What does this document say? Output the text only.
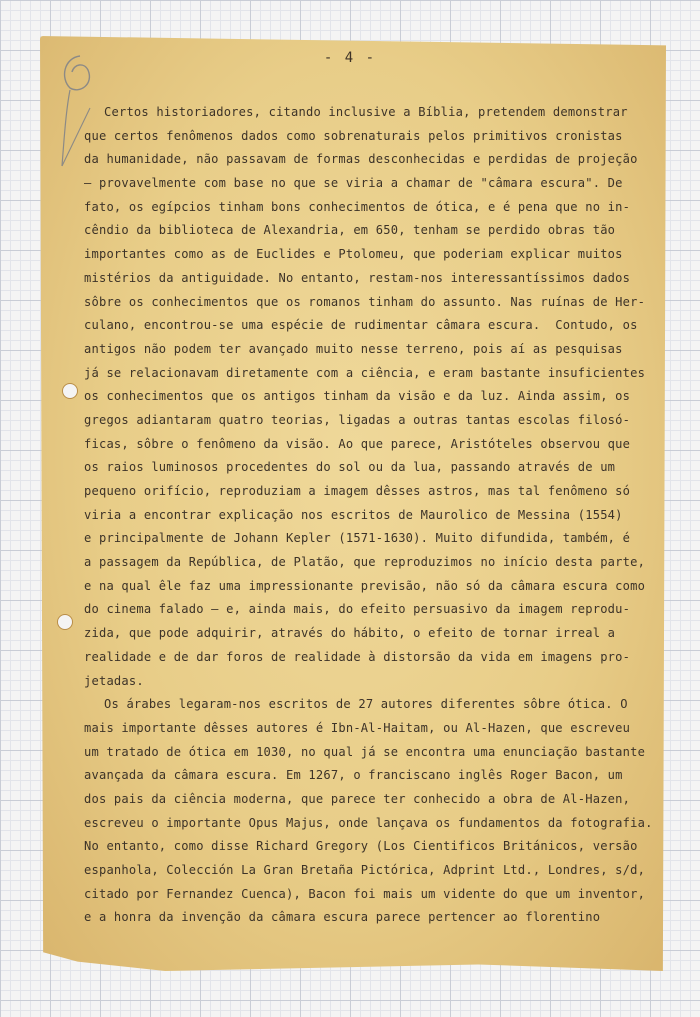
- 4 -
Certos historiadores, citando inclusive a Bíblia, pretendem demonstrar
que certos fenômenos dados como sobrenaturais pelos primitivos cronistas
da humanidade, não passavam de formas desconhecidas e perdidas de projeção
— provavelmente com base no que se viria a chamar de "câmara escura". De
fato, os egípcios tinham bons conhecimentos de ótica, e é pena que no in-
cêndio da biblioteca de Alexandria, em 650, tenham se perdido obras tão
importantes como as de Euclides e Ptolomeu, que poderiam explicar muitos
mistérios da antiguidade. No entanto, restam-nos interessantíssimos dados
sôbre os conhecimentos que os romanos tinham do assunto. Nas ruínas de Her-
culano, encontrou-se uma espécie de rudimentar câmara escura.  Contudo, os
antigos não podem ter avançado muito nesse terreno, pois aí as pesquisas
já se relacionavam diretamente com a ciência, e eram bastante insuficientes
os conhecimentos que os antigos tinham da visão e da luz. Ainda assim, os
gregos adiantaram quatro teorias, ligadas a outras tantas escolas filosó-
ficas, sôbre o fenômeno da visão. Ao que parece, Aristóteles observou que
os raios luminosos procedentes do sol ou da lua, passando através de um
pequeno orifício, reproduziam a imagem dêsses astros, mas tal fenômeno só
viria a encontrar explicação nos escritos de Maurolico de Messina (1554)
e principalmente de Johann Kepler (1571-1630). Muito difundida, também, é
a passagem da República, de Platão, que reproduzimos no início desta parte,
e na qual êle faz uma impressionante previsão, não só da câmara escura como
do cinema falado — e, ainda mais, do efeito persuasivo da imagem reprodu-
zida, que pode adquirir, através do hábito, o efeito de tornar irreal a
realidade e de dar foros de realidade à distorsão da vida em imagens pro-
jetadas.
Os árabes legaram-nos escritos de 27 autores diferentes sôbre ótica. O
mais importante dêsses autores é Ibn-Al-Haitam, ou Al-Hazen, que escreveu
um tratado de ótica em 1030, no qual já se encontra uma enunciação bastante
avançada da câmara escura. Em 1267, o franciscano inglês Roger Bacon, um
dos pais da ciência moderna, que parece ter conhecido a obra de Al-Hazen,
escreveu o importante Opus Majus, onde lançava os fundamentos da fotografia.
No entanto, como disse Richard Gregory (Los Cientificos Británicos, versão
espanhola, Colección La Gran Bretaña Pictórica, Adprint Ltd., Londres, s/d,
citado por Fernandez Cuenca), Bacon foi mais um vidente do que um inventor,
e a honra da invenção da câmara escura parece pertencer ao florentino
